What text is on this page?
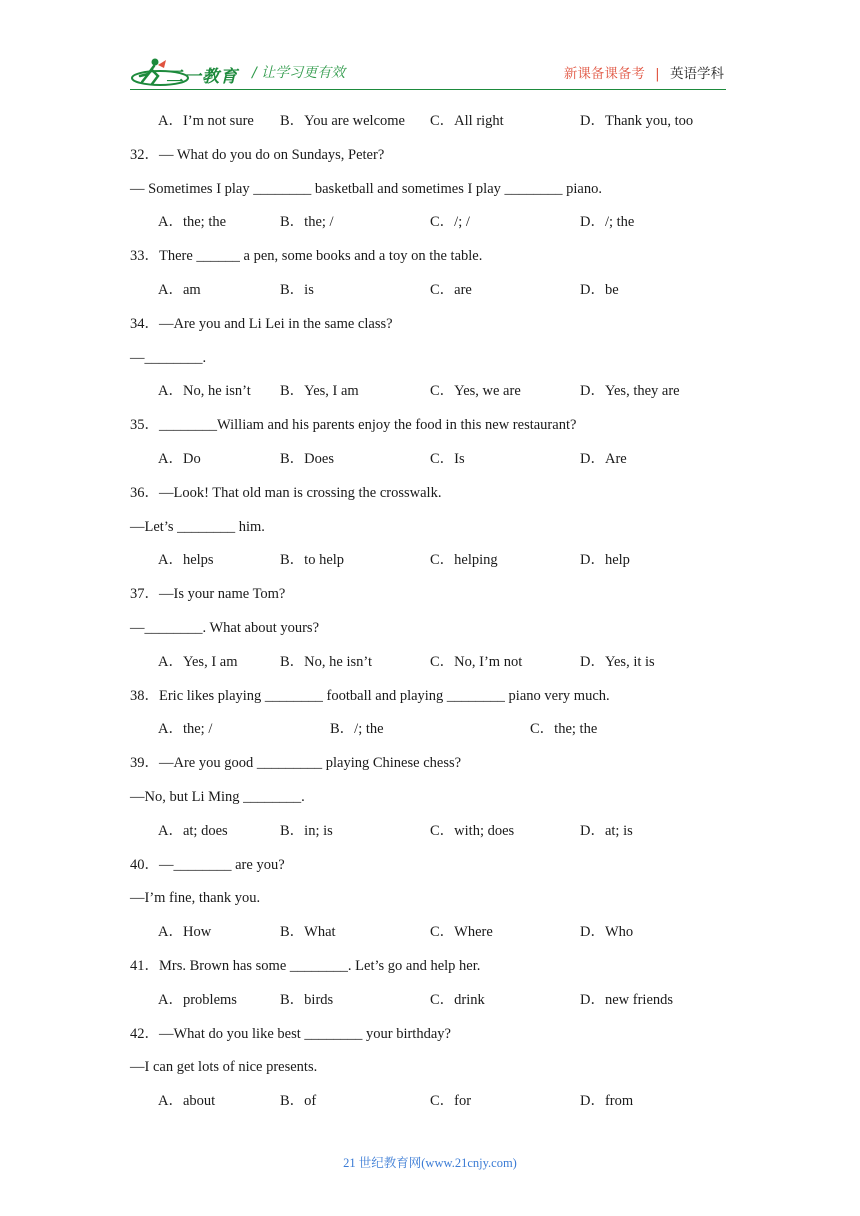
二一教育 / 让学习更有效	新课备课备考 | 英语学科
A．I’m not sure B．You are welcome C．All right	D．Thank you, too
32．— What do you do on Sundays, Peter?
— Sometimes I play ________ basketball and sometimes I play ________ piano.
A．the; the	B．the; /	C．/; /	D．/; the
33．There ______ a pen, some books and a toy on the table.
A．am	B．is	C．are	D．be
34．—Are you and Li Lei in the same class?
—________.
A．No, he isn’t B．Yes, I am	C．Yes, we are	D．Yes, they are
35．________William and his parents enjoy the food in this new restaurant?
A．Do	B．Does	C．Is	D．Are
36．—Look! That old man is crossing the crosswalk.
—Let’s ________ him.
A．helps	B．to help	C．helping	D．help
37．—Is your name Tom?
—________. What about yours?
A．Yes, I am	B．No, he isn’t	C．No, I’m not	D．Yes, it is
38．Eric likes playing ________ football and playing ________ piano very much.
A．the; /	B．/; the	C．the; the
39．—Are you good _________ playing Chinese chess?
—No, but Li Ming ________.
A．at; does	B．in; is	C．with; does	D．at; is
40．—________ are you?
—I’m fine, thank you.
A．How	B．What	C．Where	D．Who
41．Mrs. Brown has some ________. Let’s go and help her.
A．problems	B．birds	C．drink	D．new friends
42．—What do you like best ________ your birthday?
—I can get lots of nice presents.
A．about	B．of	C．for	D．from
21 世纪教育网(www.21cnjy.com)
